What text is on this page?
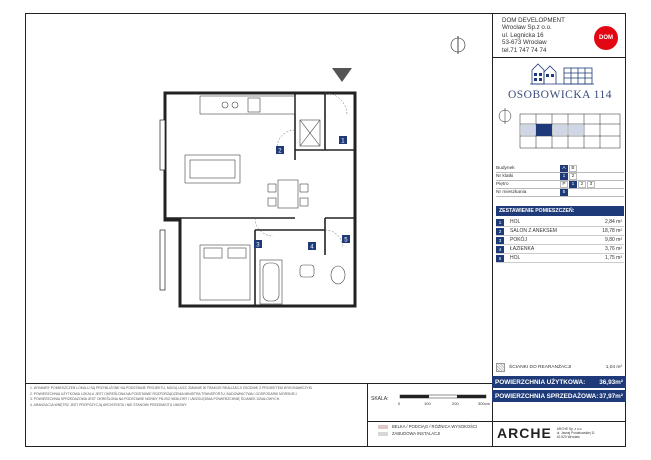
DOM DEVELOPMENT
Wrocław Sp.z o.o.
ul. Legnicka 16
53-673 Wrocław
tel.71 747 74 74
DOM
OSOBOWICKA 114
Budynek	A	B
Nr klatki	1	2
Piętro	P	1	2	3
Nr mieszkania	5
ZESTAWIENIE POMIESZCZEŃ:
1	HOL	2,84 m²
2	SALON Z ANEKSEM	18,78 m²
3	POKÓJ	9,80 m²
4	ŁAZIENKA	3,76 m²
5	HOL	1,75 m²
ŚCIANKI DO REARANŻACJI	1,04 m²
POWIERZCHNIA UŻYTKOWA:	36,93m²
POWIERZCHNIA SPRZEDAŻOWA: 37,97m²
1
2
3	4
5

1. WYMIARY POMIESZCZEŃ LOKALU SĄ PRZYBLIŻONE NA PODSTAWIE PROJEKTU, MOGĄ ULEC ZMIANIE W TRAKCIE REALIZACJI ZGODNIE Z PROJEKTEM WYKONAWCZYM.

2. POWIERZCHNIA UŻYTKOWA LOKALU JEST OKREŚLONA NA PODSTAWIE ROZPORZĄDZENIA MINISTRA TRANSPORTU, BUDOWNICTWA I GOSPODARKI MORSKIEJ.

3. POWIERZCHNIA SPRZEDAŻOWA JEST OKREŚLONA NA PODSTAWIE NORMY PN-ISO 9836:1997 I UWZGLĘDNIA POWIERZCHNIĘ ŚCIANEK DZIAŁOWYCH.

4. ARANŻACJA WNĘTRZ JEST PROPOZYCJĄ ARCHITEKTA I NIE STANOWI PRZEDMIOTU UMOWY.

SKALA:
0	100	200	300cm
BELKA / PODCIĄG / RÓŻNICA WYSOKOŚCI
ZABUDOWA INSTALACJI	ARCHE ARCHE Sp. z o.o.
ul. Jasnej Poniatowskiej 11
42-520 Wrocław
